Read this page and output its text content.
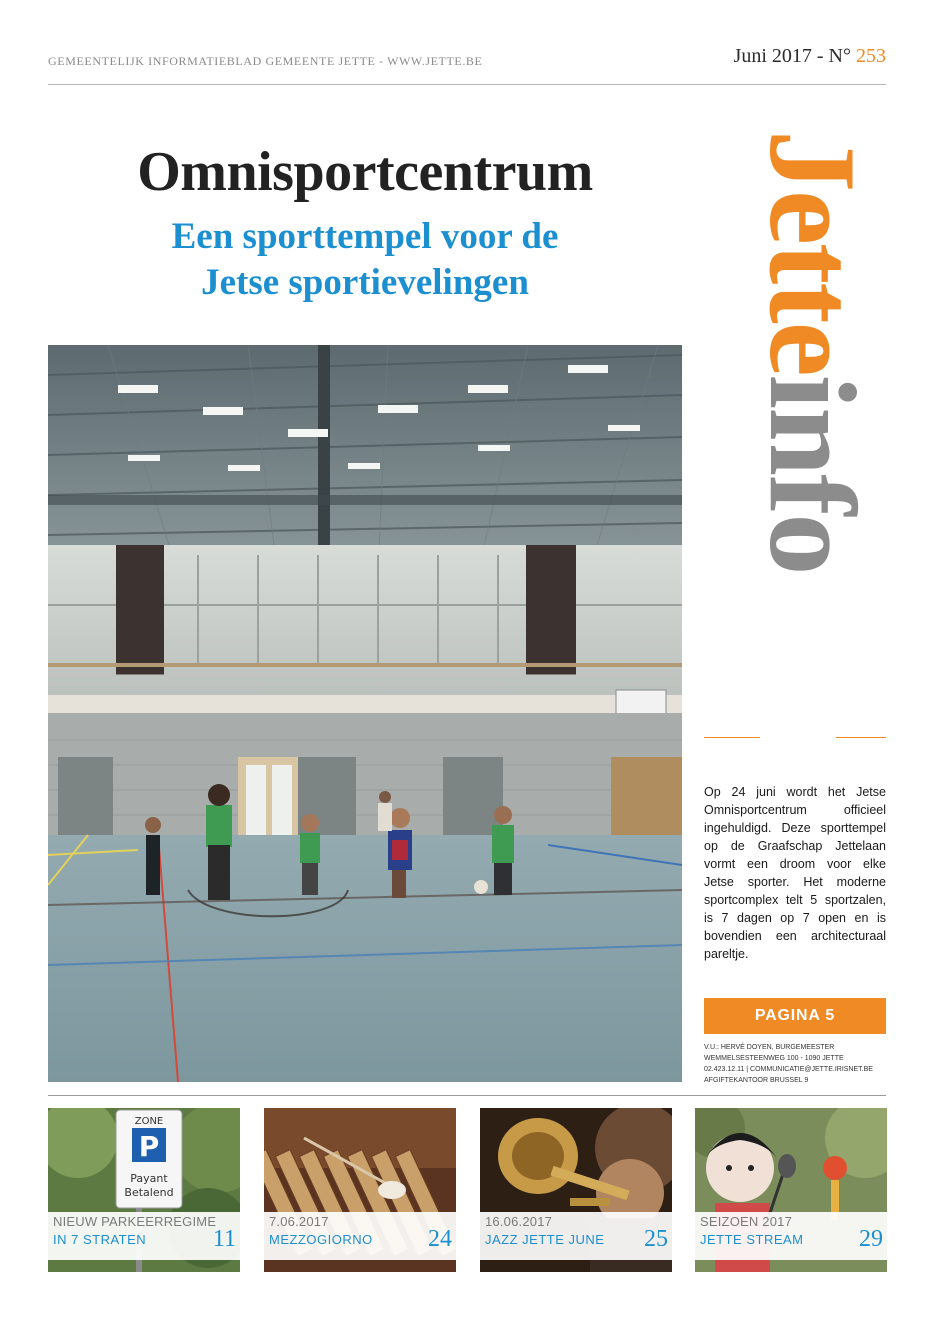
GEMEENTELIJK INFORMATIEBLAD GEMEENTE JETTE - WWW.JETTE.BE	Juni 2017 - N° 253
Omnisportcentrum
Een sporttempel voor de
Jetse sportievelingen	Jetteinfo
Op 24 juni wordt het Jetse Omnisportcentrum officieel ingehuldigd. Deze sporttempel op de Graafschap Jettelaan vormt een droom voor elke Jetse sporter. Het moderne sportcomplex telt 5 sportzalen, is 7 dagen op 7 open en is bovendien een architecturaal pareltje.
PAGINA 5
V.U.: HERVÉ DOYEN, BURGEMEESTER
WEMMELSESTEENWEG 100 - 1090 JETTE
02.423.12.11 | COMMUNICATIE@JETTE.IRISNET.BE
AFGIFTEKANTOOR BRUSSEL 9
ZONE
P
Payant
Betalend
NIEUW PARKEERREGIME
IN 7 STRATEN	11
7.06.2017
MEZZOGIORNO 24
16.06.2017
JAZZ JETTE JUNE 25
SEIZOEN 2017
JETTE STREAM 29
